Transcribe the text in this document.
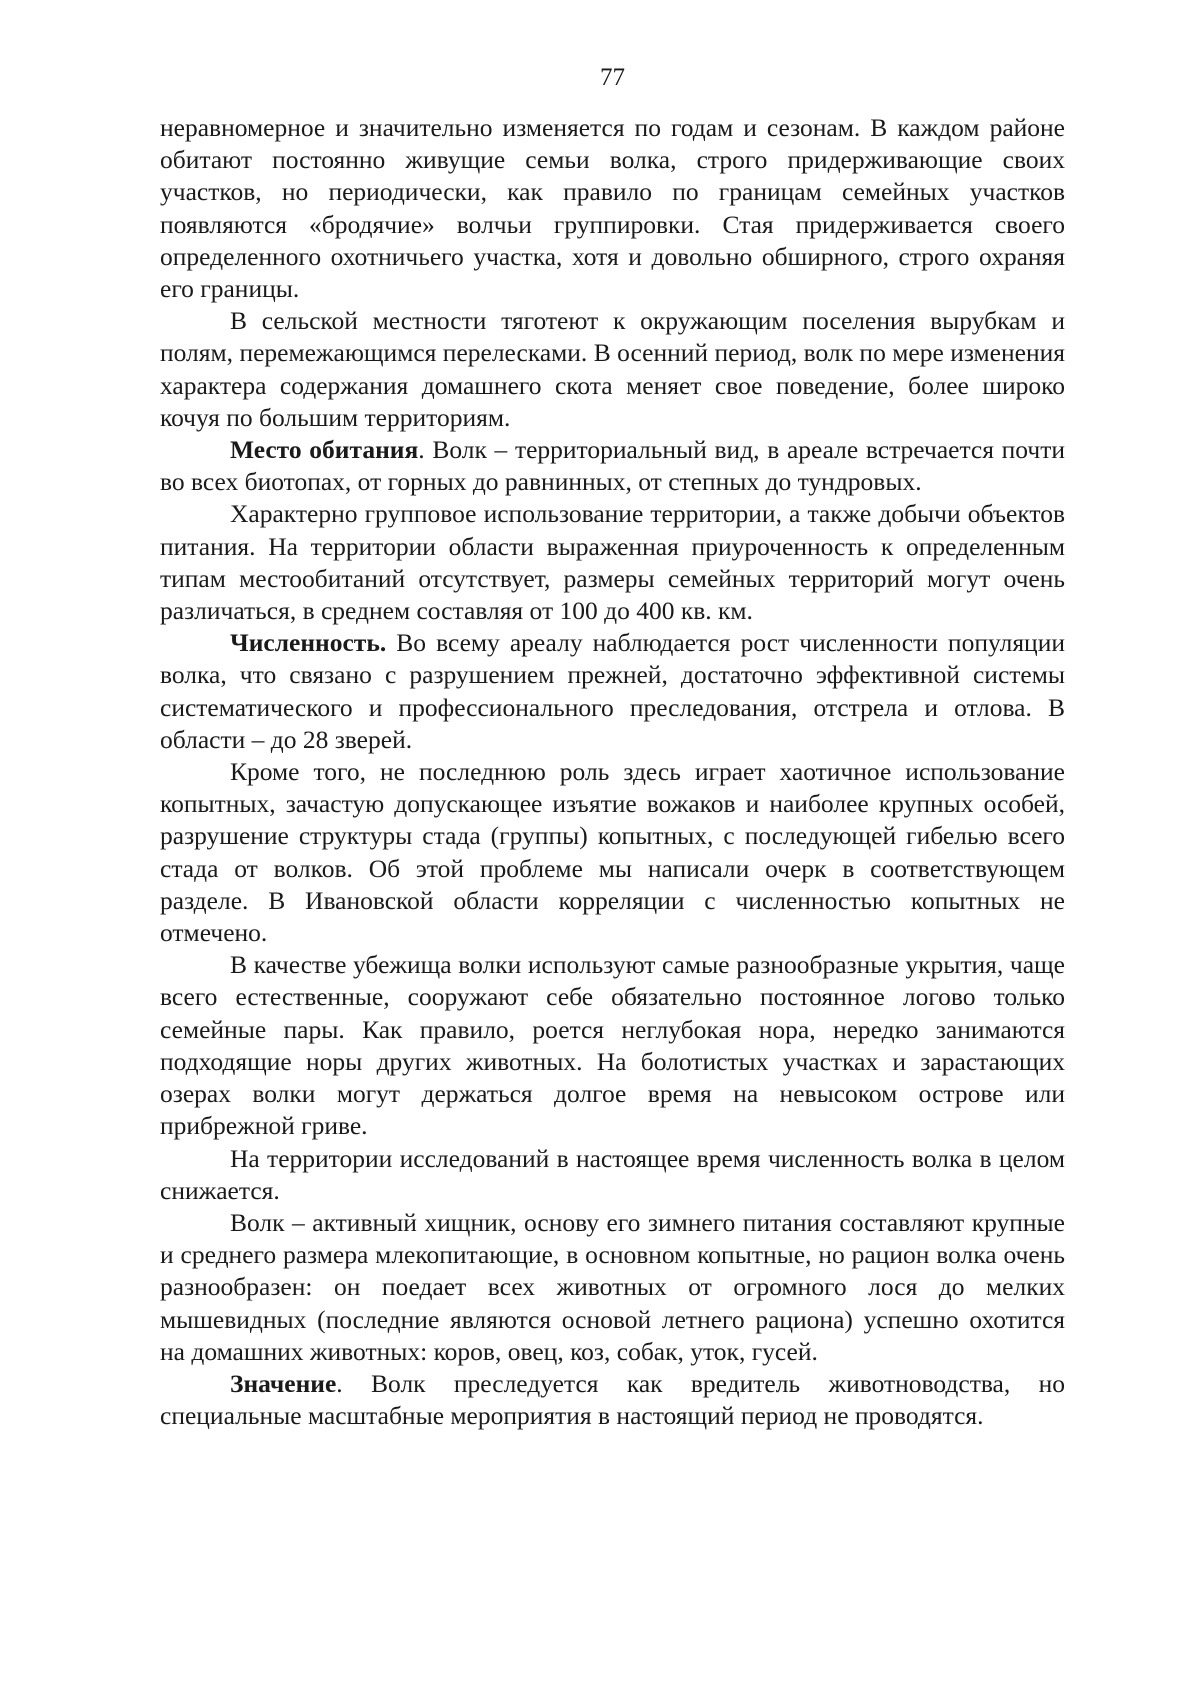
77

неравномерное и значительно изменяется по годам и сезонам. В каждом районе обитают постоянно живущие семьи волка, строго придерживающие своих участков, но периодически, как правило по границам семейных участков появляются «бродячие» волчьи группировки. Стая придерживается своего определенного охотничьего участка, хотя и довольно обширного, строго охраняя его границы.

В сельской местности тяготеют к окружающим поселения вырубкам и полям, перемежающимся перелесками. В осенний период, волк по мере изменения характера содержания домашнего скота меняет свое поведение, более широко кочуя по большим территориям.

Место обитания. Волк – территориальный вид, в ареале встречается почти во всех биотопах, от горных до равнинных, от степных до тундровых.

Характерно групповое использование территории, а также добычи объектов питания. На территории области выраженная приуроченность к определенным типам местообитаний отсутствует, размеры семейных территорий могут очень различаться, в среднем составляя от 100 до 400 кв. км.

Численность. Во всему ареалу наблюдается рост численности популяции волка, что связано с разрушением прежней, достаточно эффективной системы систематического и профессионального преследования, отстрела и отлова. В области – до 28 зверей.

Кроме того, не последнюю роль здесь играет хаотичное использование копытных, зачастую допускающее изъятие вожаков и наиболее крупных особей, разрушение структуры стада (группы) копытных, с последующей гибелью всего стада от волков. Об этой проблеме мы написали очерк в соответствующем разделе. В Ивановской области корреляции с численностью копытных не отмечено.

В качестве убежища волки используют самые разнообразные укрытия, чаще всего естественные, сооружают себе обязательно постоянное логово только семейные пары. Как правило, роется неглубокая нора, нередко занимаются подходящие норы других животных. На болотистых участках и зарастающих озерах волки могут держаться долгое время на невысоком острове или прибрежной гриве.

На территории исследований в настоящее время численность волка в целом снижается.

Волк – активный хищник, основу его зимнего питания составляют крупные и среднего размера млекопитающие, в основном копытные, но рацион волка очень разнообразен: он поедает всех животных от огромного лося до мелких мышевидных (последние являются основой летнего рациона) успешно охотится на домашних животных: коров, овец, коз, собак, уток, гусей.

Значение. Волк преследуется как вредитель животноводства, но специальные масштабные мероприятия в настоящий период не проводятся.
